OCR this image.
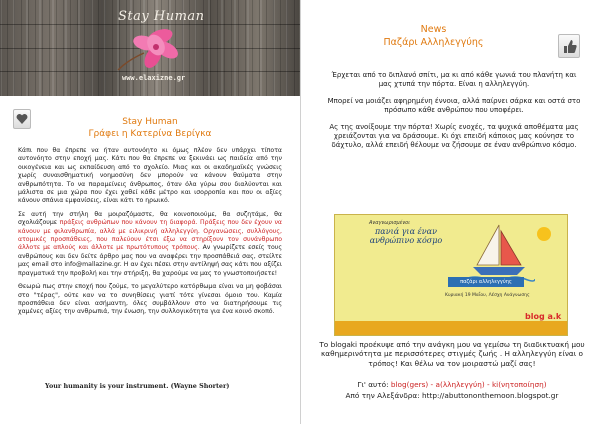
Stay Human
www.elaxizne.gr
Stay Human
Γράφει η Κατερίνα Βερίγκα

Κάπι που θα έπρεπε να ήταν αυτονόητο κι όμως πλέον δεν υπάρχει τίποτα αυτονόητο στην εποχή μας. Κάτι που θα έπρεπε να ξεκινάει ως παιδεία από την οικογένεια και ως εκπαίδευση από το σχολείο. Μιας και οι ακαδημαϊκές γνώσεις χωρίς συναισθηματική νοημοσύνη δεν μπορούν να κάνουν θαύματα στην ανθρωπότητα. Το να παραμείνεις άνθρωπος, όταν όλα γύρω σου διαλύονται και μάλιστα σε μια χώρα που έχει χαθεί κάθε μέτρο και ισορροπία και που οι αξίες κάνουν σπάνια εμφανίσεις, είναι κάτι το ηρωικό.

Σε αυτή την στήλη θα μοιραζόμαστε, θα κοινοποιούμε, θα συζητάμε, θα σχολιάζουμε πράξεις ανθρώπων που κάνουν τη διαφορά. Πράξεις που δεν έχουν να κάνουν με φιλανθρωπία, αλλά με ειλικρινή αλληλεγγύη. Οργανώσεις, συλλόγους, ατομικές προσπάθειες, που παλεύουν έτσι έξω να στηρίξουν τον συνάνθρωπο άλλοτε με απλούς και άλλοτε με πρωτότυπους τρόπους. Αν γνωρίζετε εσείς τους ανθρώπους και δεν δείτε άρθρο μας που να αναφέρει την προσπάθειά σας, στείλτε μας email στο info@mallazine.gr. Η αν έχει πέσει στην αντίληψή σας κάτι που αξίζει πραγματικά την προβολή και την στήριξη, θα χαρούμε να μας το γνωστοποιήσετε!

Θεωρώ πως στην εποχή που ζούμε, το μεγαλύτερο κατόρθωμα είναι να μη φοβάσαι στο "τέρας", ούτε καν να το συνηθίσεις γιατί τότε γίνεσαι όμοιο του. Καμία προσπάθεια δεν είναι ασήμαντη, όλες συμβάλλουν στο να διατηρήσουμε τις χαμένες αξίες την ανθρωπιά, την ένωση, την συλλογικότητα για ένα κοινό σκοπό.

Your humanity is your instrument. (Wayne Shorter)
News
Παζάρι Αλληλεγγύης

Έρχεται από το διπλανό σπίτι, μα κι από κάθε γωνιά του πλανήτη και μας χτυπά την πόρτα. Είναι η αλληλεγγύη.

Μπορεί να μοιάζει αφηρημένη έννοια, αλλά παίρνει σάρκα και οστά στο πρόσωπο κάθε ανθρώπου που υποφέρει.

Ας της ανοίξουμε την πόρτα! Χωρίς ενοχές, τα ψυχικά αποθέματα μας χρειάζονται για να δράσουμε. Κι όχι επειδή κάποιος μας κούνησε το δάχτυλο, αλλά επειδή θέλουμε να ζήσουμε σε έναν ανθρώπινο κόσμο.

Αναγνωρισμένοι
πανιά για έναν ανθρώπινο κόσμο
παζάρι αλληλεγγύης
Κυριακή 19 Μαΐου, Λέσχη Ανάγνωσης
blog a.k
Το blogaki προέκυψε από την ανάγκη μου να γεμίσω τη διαδικτυακή μου καθημερινότητα με περισσότερες στιγμές ζωής . Η αλληλεγγύη είναι ο τρόπος! Και θέλω να τον μοιραστώ μαζί σας!
Γι' αυτό: blog(gers) - a(λληλεγγύη) - ki(νητοποίηση)
Από την Αλεξάνδρα: http://abuttononthemoon.blogspot.gr
